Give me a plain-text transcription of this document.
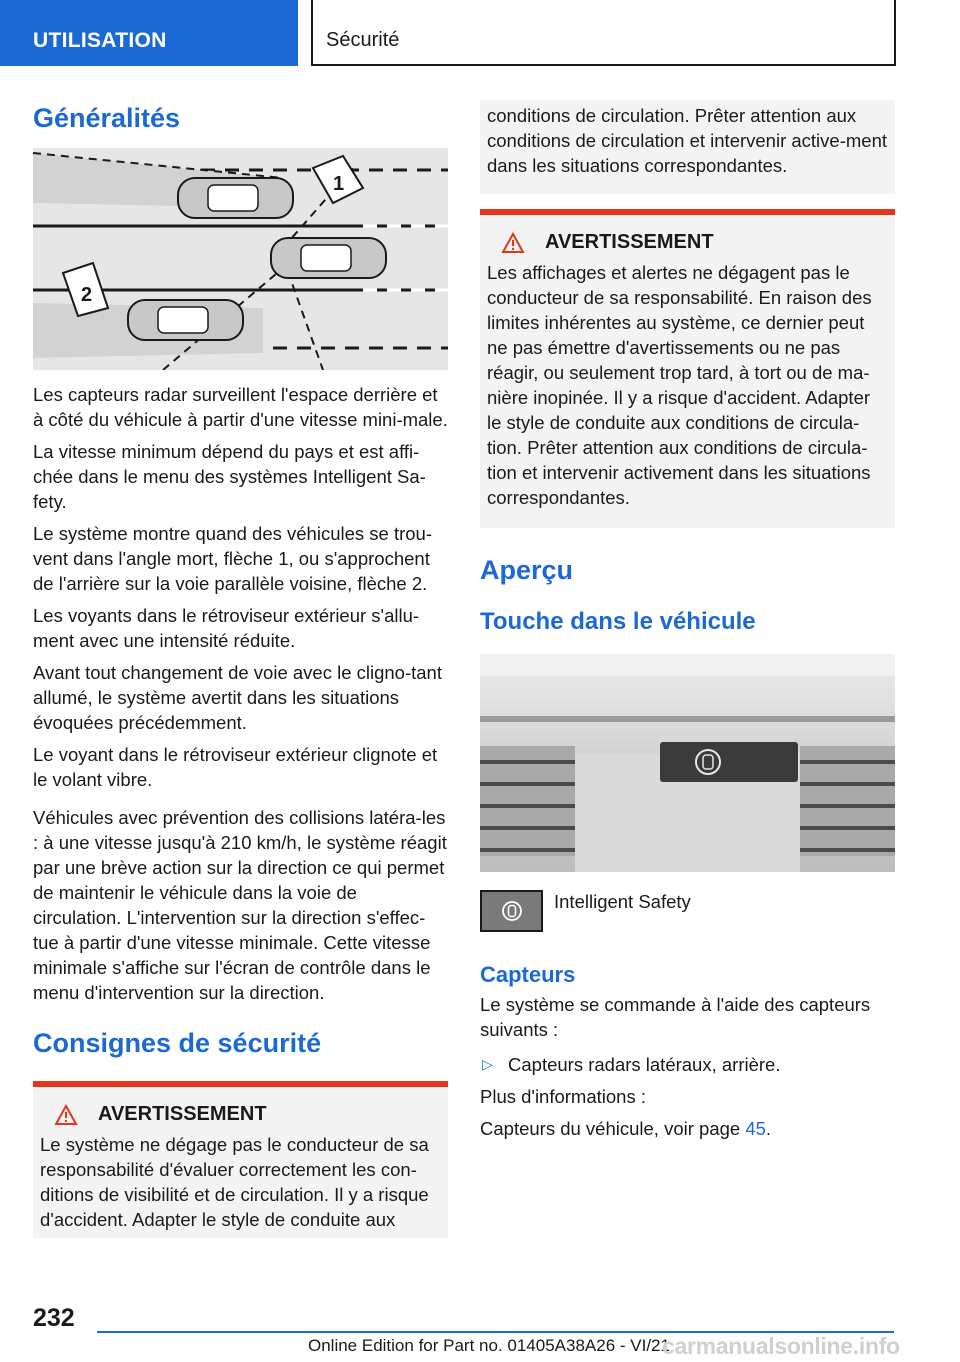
UTILISATION	Sécurité
Généralités
1
2

Les capteurs radar surveillent l'espace derrière et à côté du véhicule à partir d'une vitesse mini-male.

La vitesse minimum dépend du pays et est affi-chée dans le menu des systèmes Intelligent Sa-fety.

Le système montre quand des véhicules se trou-vent dans l'angle mort, flèche 1, ou s'approchent de l'arrière sur la voie parallèle voisine, flèche 2.

Les voyants dans le rétroviseur extérieur s'allu-ment avec une intensité réduite.

Avant tout changement de voie avec le cligno-tant allumé, le système avertit dans les situations évoquées précédemment.

Le voyant dans le rétroviseur extérieur clignote et le volant vibre.

Véhicules avec prévention des collisions latéra-les : à une vitesse jusqu'à 210 km/h, le système réagit par une brève action sur la direction ce qui permet de maintenir le véhicule dans la voie de circulation. L'intervention sur la direction s'effec-tue à partir d'une vitesse minimale. Cette vitesse minimale s'affiche sur l'écran de contrôle dans le menu d'intervention sur la direction.

Consignes de sécurité
AVERTISSEMENT

Le système ne dégage pas le conducteur de sa responsabilité d'évaluer correctement les con-ditions de visibilité et de circulation. Il y a risque d'accident. Adapter le style de conduite aux

conditions de circulation. Prêter attention aux conditions de circulation et intervenir active-ment dans les situations correspondantes.

AVERTISSEMENT

Les affichages et alertes ne dégagent pas le conducteur de sa responsabilité. En raison des limites inhérentes au système, ce dernier peut ne pas émettre d'avertissements ou ne pas réagir, ou seulement trop tard, à tort ou de ma-nière inopinée. Il y a risque d'accident. Adapter le style de conduite aux conditions de circula-tion. Prêter attention aux conditions de circula-tion et intervenir activement dans les situations correspondantes.

Aperçu
Touche dans le véhicule

Intelligent Safety

Capteurs

Le système se commande à l'aide des capteurs suivants :

▷ Capteurs radars latéraux, arrière.

Plus d'informations :

Capteurs du véhicule, voir page 45.

232
Online Edition for Part no. 01405A38A26 - VI/21
carmanualsonline.info
